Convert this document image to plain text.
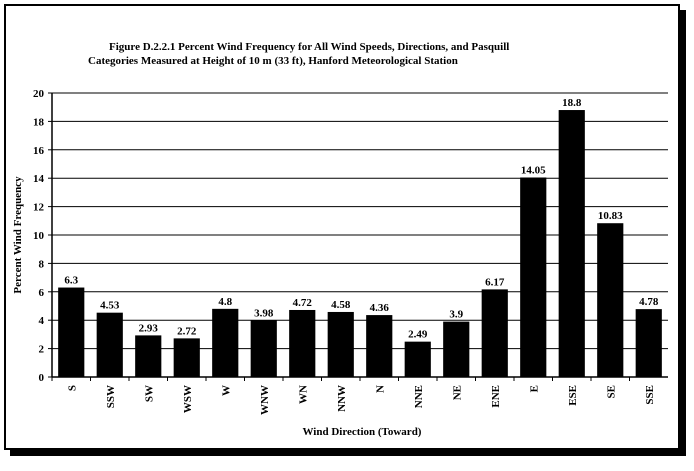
Figure D.2.2.1 Percent Wind Frequency for All Wind Speeds, Directions, and Pasquill
Categories Measured at Height of 10 m (33 ft), Hanford Meteorological Station
0
2
4
6
8
10
12
14
16
18
20
6.3
4.53
2.93 2.72
4.8
3.98
4.72 4.58 4.36
2.49
3.9
6.17
14.05
18.8
10.83
4.78
S SSW SW WSW W WNW WN NNW N NNE NE ENE E ESE SE SSE
Percent Wind Frequency
Wind Direction (Toward)
